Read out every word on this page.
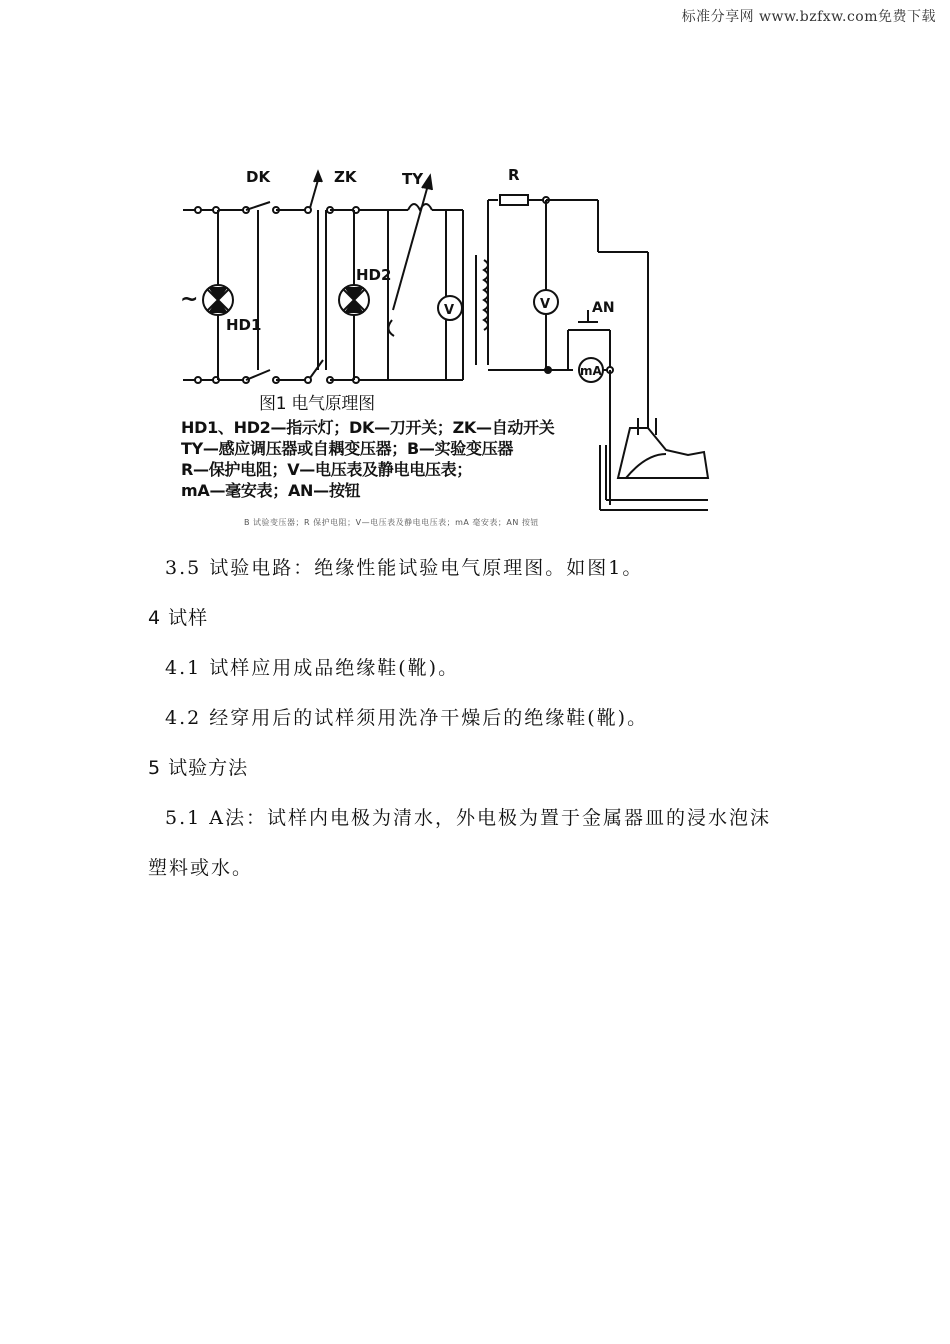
标准分享网 www.bzfxw.com免费下载
~
HD1
DK	ZK
HD2
TY
V
R
V	AN
mA
图1 电气原理图
HD1、HD2—指示灯；DK—刀开关；ZK—自动开关
TY—感应调压器或自耦变压器；B—实验变压器
R—保护电阻；V—电压表及静电电压表；
mA—毫安表；AN—按钮
B 试验变压器；R 保护电阻；V—电压表及静电电压表；mA 毫安表；AN 按钮
3.5 试验电路：绝缘性能试验电气原理图。如图1。
4 试样
4.1 试样应用成品绝缘鞋(靴)。
4.2 经穿用后的试样须用洗净干燥后的绝缘鞋(靴)。
5 试验方法
5.1 A法：试样内电极为清水，外电极为置于金属器皿的浸水泡沫
塑料或水。
